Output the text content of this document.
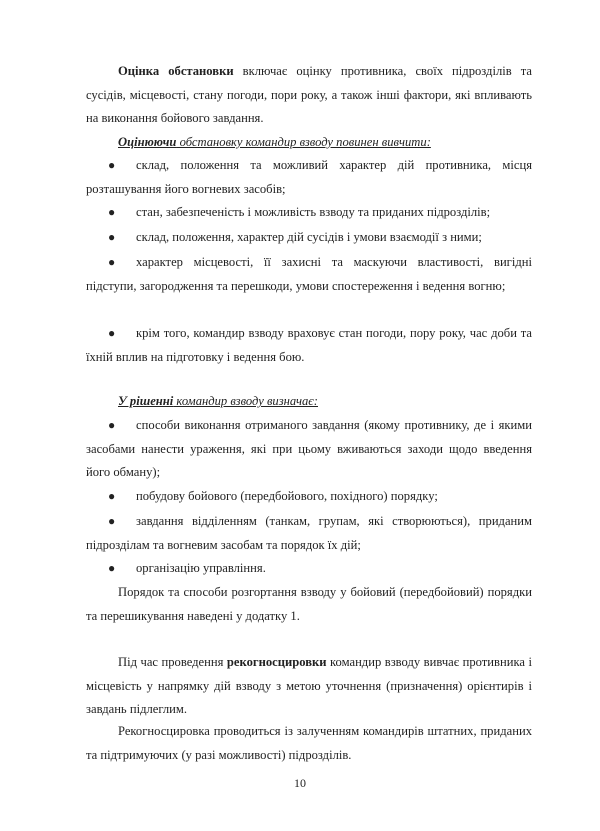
Оцінка обстановки включає оцінку противника, своїх підрозділів та сусідів, місцевості, стану погоди, пори року, а також інші фактори, які впливають на виконання бойового завдання.

Оцінюючи обстановку командир взводу повинен вивчити:

●	склад, положення та можливий характер дій противника, місця розташування його вогневих засобів;
● стан, забезпеченість і можливість взводу та приданих підрозділів;
● склад, положення, характер дій сусідів і умови взаємодії з ними;
●	характер місцевості, її захисні та маскуючи властивості, вигідні підступи, загородження та перешкоди, умови спостереження і ведення вогню;
●	крім того, командир взводу враховує стан погоди, пору року, час доби та їхній вплив на підготовку і ведення бою.

У рішенні командир взводу визначає:

●	способи виконання отриманого завдання (якому противнику, де і якими засобами нанести ураження, які при цьому вживаються заходи щодо введення його обману);
● побудову бойового (передбойового, похідного) порядку;
●	завдання відділенням (танкам, групам, які створюються), приданим підрозділам та вогневим засобам та порядок їх дій;
● організацію управління.

Порядок та способи розгортання взводу у бойовий (передбойовий) порядки та перешикування наведені у додатку 1.

Під час проведення рекогносцировки командир взводу вивчає противника і місцевість у напрямку дій взводу з метою уточнення (призначення) орієнтирів і завдань підлеглим.

Рекогносцировка проводиться із залученням командирів штатних, приданих та підтримуючих (у разі можливості) підрозділів.

10
